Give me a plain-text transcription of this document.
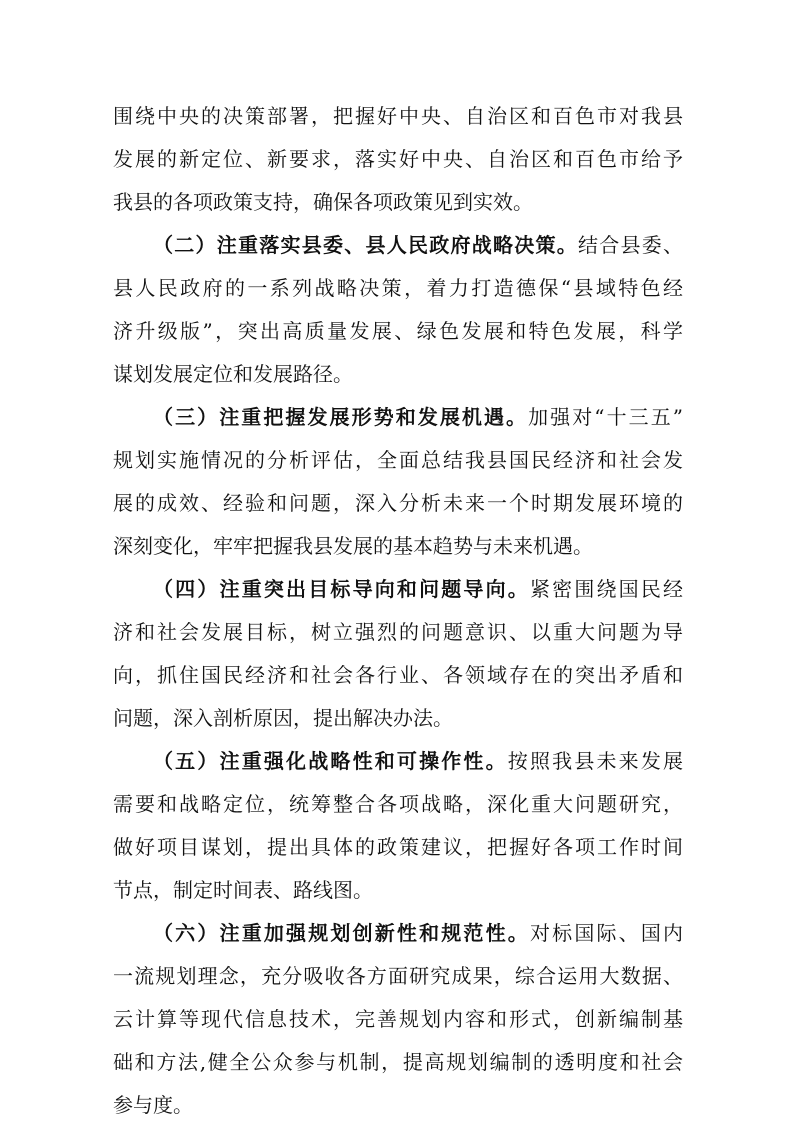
围绕中央的决策部署，把握好中央、自治区和百色市对我县
发展的新定位、新要求，落实好中央、自治区和百色市给予
我县的各项政策支持，确保各项政策见到实效。
（二）注重落实县委、县人民政府战略决策。结合县委、
县人民政府的一系列战略决策，着力打造德保“县域特色经
济升级版”，突出高质量发展、绿色发展和特色发展，科学
谋划发展定位和发展路径。
（三）注重把握发展形势和发展机遇。加强对“十三五”
规划实施情况的分析评估，全面总结我县国民经济和社会发
展的成效、经验和问题，深入分析未来一个时期发展环境的
深刻变化，牢牢把握我县发展的基本趋势与未来机遇。
（四）注重突出目标导向和问题导向。紧密围绕国民经
济和社会发展目标，树立强烈的问题意识、以重大问题为导
向，抓住国民经济和社会各行业、各领域存在的突出矛盾和
问题，深入剖析原因，提出解决办法。
（五）注重强化战略性和可操作性。按照我县未来发展
需要和战略定位，统筹整合各项战略，深化重大问题研究，
做好项目谋划，提出具体的政策建议，把握好各项工作时间
节点，制定时间表、路线图。
（六）注重加强规划创新性和规范性。对标国际、国内
一流规划理念，充分吸收各方面研究成果，综合运用大数据、
云计算等现代信息技术，完善规划内容和形式，创新编制基
础和方法,健全公众参与机制，提高规划编制的透明度和社会
参与度。
